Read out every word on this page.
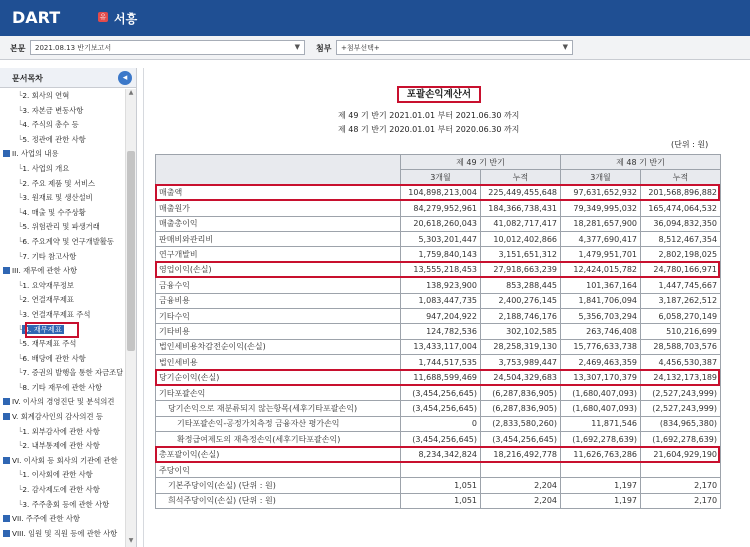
DART	유 서흥
본문	2021.08.13 반기보고서	▼ 첨부	+첨부선택+	▼
문서목차	◂
└2. 회사의 연혁
└3. 자본금 변동사항
└4. 주식의 총수 등
└5. 정관에 관한 사항
II. 사업의 내용
└1. 사업의 개요
└2. 주요 제품 및 서비스
└3. 원재료 및 생산설비
└4. 매출 및 수주상황
└5. 위험관리 및 파생거래
└6. 주요계약 및 연구개발활동
└7. 기타 참고사항
III. 재무에 관한 사항
└1. 요약재무정보
└2. 연결재무제표
└3. 연결재무제표 주석
└ 4. 재무제표
└5. 재무제표 주석
└6. 배당에 관한 사항
└7. 증권의 발행을 통한 자금조달
└8. 기타 재무에 관한 사항
IV. 이사의 경영진단 및 분석의견
V. 회계감사인의 감사의견 등
└1. 외부감사에 관한 사항
└2. 내부통제에 관한 사항
VI. 이사회 등 회사의 기관에 관한
└1. 이사회에 관한 사항
└2. 감사제도에 관한 사항
└3. 주주총회 등에 관한 사항
VII. 주주에 관한 사항
VIII. 임원 및 직원 등에 관한 사항
▲
▼
포괄손익계산서
제 49 기 반기 2021.01.01 부터 2021.06.30 까지
제 48 기 반기 2020.01.01 부터 2020.06.30 까지
(단위 : 원)
	제 49 기 반기		제 48 기 반기	
	3개월	누적	3개월	누적
매출액	104,898,213,004	225,449,455,648	97,631,652,932	201,568,896,882
매출원가	84,279,952,961	184,366,738,431	79,349,995,032	165,474,064,532
매출총이익	20,618,260,043	41,082,717,417	18,281,657,900	36,094,832,350
판매비와관리비	5,303,201,447	10,012,402,866	4,377,690,417	8,512,467,354
연구개발비	1,759,840,143	3,151,651,312	1,479,951,701	2,802,198,025
영업이익(손실)	13,555,218,453	27,918,663,239	12,424,015,782	24,780,166,971
금융수익	138,923,900	853,288,445	101,367,164	1,447,745,667
금융비용	1,083,447,735	2,400,276,145	1,841,706,094	3,187,262,512
기타수익	947,204,922	2,188,746,176	5,356,703,294	6,058,270,149
기타비용	124,782,536	302,102,585	263,746,408	510,216,699
법인세비용차감전순이익(손실)	13,433,117,004	28,258,319,130	15,776,633,738	28,588,703,576
법인세비용	1,744,517,535	3,753,989,447	2,469,463,359	4,456,530,387
당기순이익(손실)	11,688,599,469	24,504,329,683	13,307,170,379	24,132,173,189
기타포괄손익	(3,454,256,645)	(6,287,836,905)	(1,680,407,093)	(2,527,243,999)
당기손익으로 재분류되지 않는항목(세후기타포괄손익)	(3,454,256,645)	(6,287,836,905)	(1,680,407,093)	(2,527,243,999)
기타포괄손익-공정가치측정 금융자산 평가손익	0	(2,833,580,260)	11,871,546	(834,965,380)
확정급여제도의 재측정손익(세후기타포괄손익)	(3,454,256,645)	(3,454,256,645)	(1,692,278,639)	(1,692,278,639)
총포괄이익(손실)	8,234,342,824	18,216,492,778	11,626,763,286	21,604,929,190
주당이익				
기본주당이익(손실) (단위 : 원)	1,051	2,204	1,197	2,170
희석주당이익(손실) (단위 : 원)	1,051	2,204	1,197	2,170
